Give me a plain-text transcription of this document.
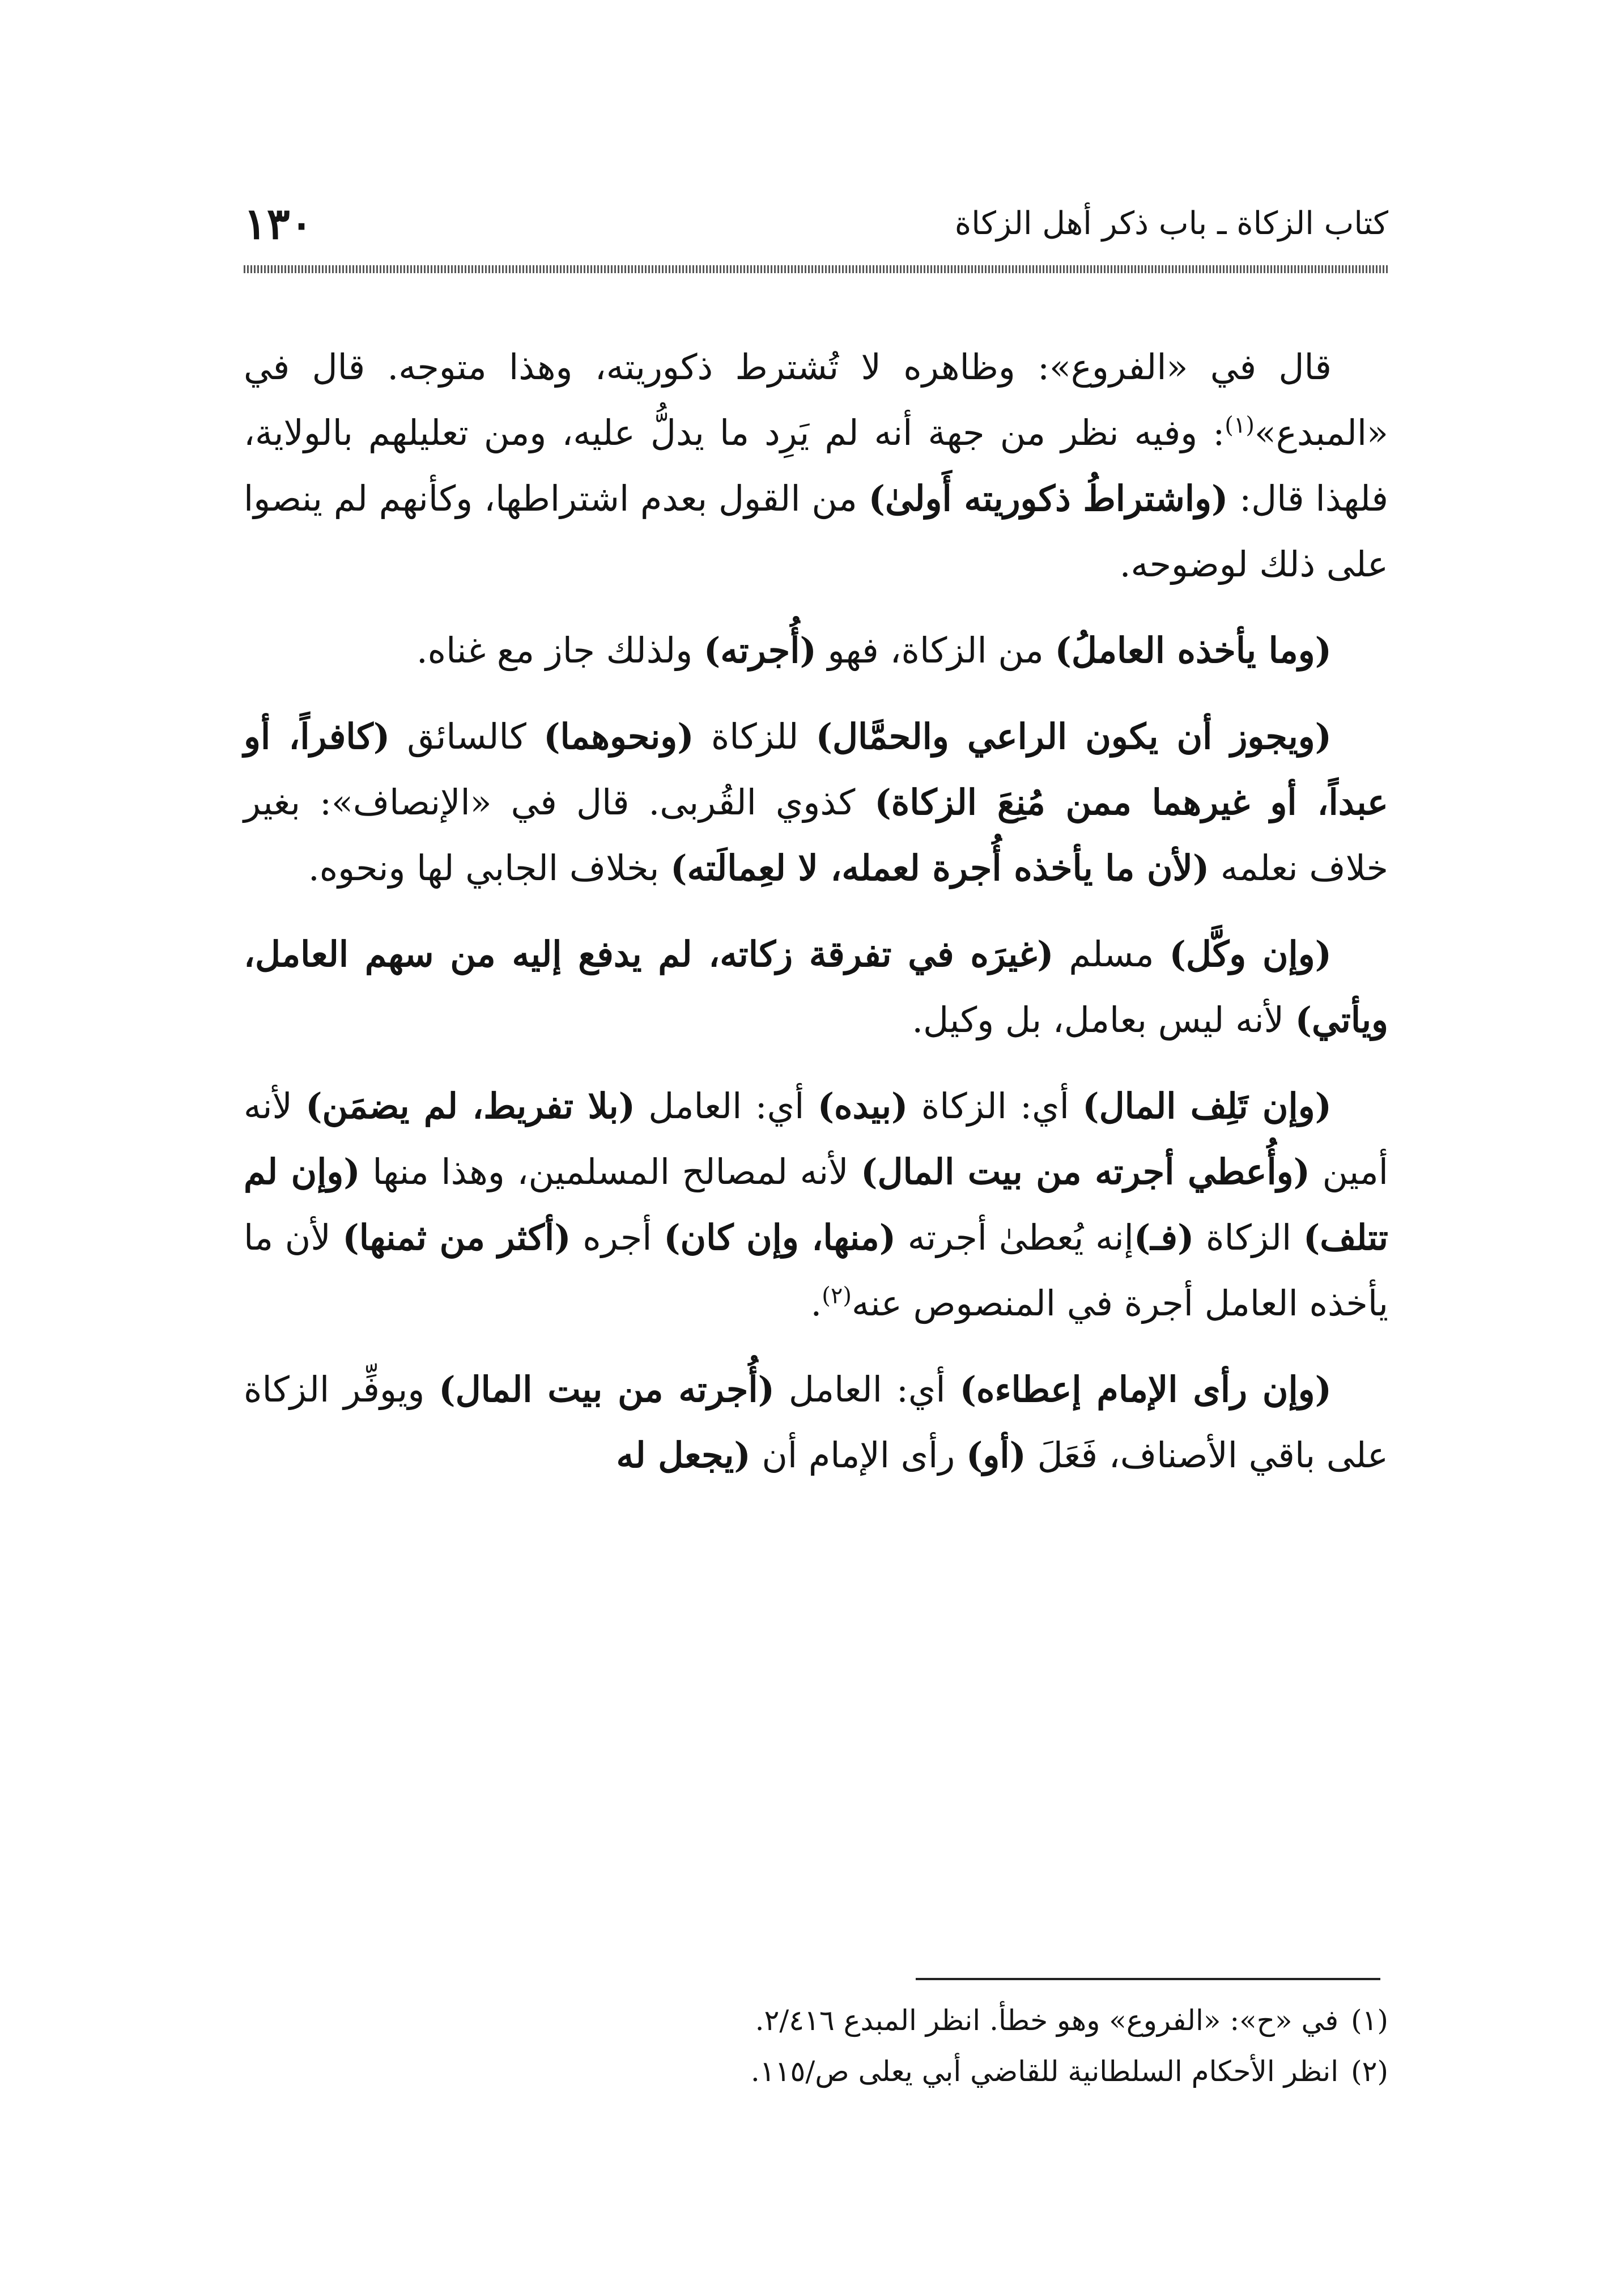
١٣٠	كتاب الزكاة ـ باب ذكر أهل الزكاة

قال في «الفروع»: وظاهره لا تُشترط ذكوريته، وهذا متوجه. قال في «المبدع»$^{(١)}$: وفيه نظر من جهة أنه لم يَرِد ما يدلُّ عليه، ومن تعليلهم بالولاية، فلهذا قال: (واشتراطُ ذكوريته أَولىٰ) من القول بعدم اشتراطها، وكأنهم لم ينصوا على ذلك لوضوحه.

(وما يأخذه العاملُ) من الزكاة، فهو (أُجرته) ولذلك جاز مع غناه.

(ويجوز أن يكون الراعي والحمَّال) للزكاة (ونحوهما) كالسائق (كافراً، أو عبداً، أو غيرهما ممن مُنِعَ الزكاة) كذوي القُربى. قال في «الإنصاف»: بغير خلاف نعلمه (لأن ما يأخذه أُجرة لعمله، لا لعِمالَته) بخلاف الجابي لها ونحوه.

(وإن وكَّل) مسلم (غيرَه في تفرقة زكاته، لم يدفع إليه من سهم العامل، ويأتي) لأنه ليس بعامل، بل وكيل.

(وإن تَلِف المال) أي: الزكاة (بيده) أي: العامل (بلا تفريط، لم يضمَن) لأنه أمين (وأُعطي أجرته من بيت المال) لأنه لمصالح المسلمين، وهذا منها (وإن لم تتلف) الزكاة (فـ)إنه يُعطىٰ أجرته (منها، وإن كان) أجره (أكثر من ثمنها) لأن ما يأخذه العامل أجرة في المنصوص عنه$^{(٢)}$.

(وإن رأى الإمام إعطاءه) أي: العامل (أُجرته من بيت المال) ويوفِّر الزكاة على باقي الأصناف، فَعَلَ (أو) رأى الإمام أن (يجعل له

(١)في «ح»: «الفروع» وهو خطأ. انظر المبدع ٢/٤١٦.

(٢)انظر الأحكام السلطانية للقاضي أبي يعلى ص/١١٥.
